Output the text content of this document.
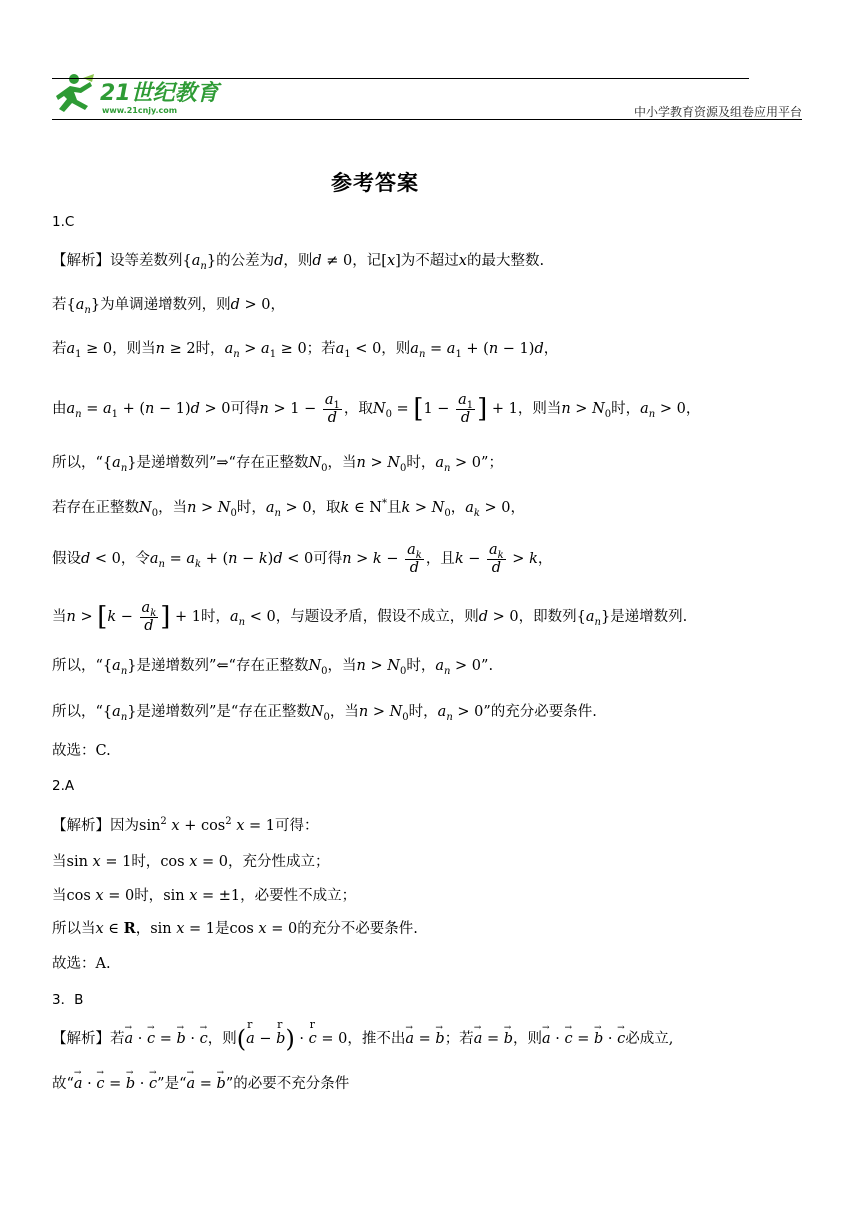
21世纪教育
www.21cnjy.com	中小学教育资源及组卷应用平台
参考答案
1.C
【解析】设等差数列$\{a_n\}$的公差为d，则d ≠ 0，记[x]为不超过x的最大整数.
若$\{a_n\}$为单调递增数列，则d > 0，
若$a_1 \ge 0$，则当n ≥ 2时，$a_n > a_1 \ge 0$；若$a_1 < 0$，则$a_n = a_1 + (n - 1)d$，
由$a_n = a_1 + (n - 1)d > 0$可得$n > 1 - \frac{a_1}{d}$ ，取$N_0 = [1 - \frac{a_1}{d}$ ] + 1，则当$n > N_0$时，$a_n > 0$，
所以，“$\{a_n\}$是递增数列”⇒“存在正整数$N_0$，当$n > N_0$时，$a_n > 0$”；
若存在正整数$N_0$，当$n > N_0$时，$a_n > 0$，取k ∈ N*且$k > N_0$，$a_k > 0$，
假设d < 0，令$a_n = a_k + (n - k)d < 0$可得$n > k - \frac{a_k}{d}$ ，且$k - \frac{a_k}{d} > k$，
当$n > [k - \frac{a_k}{d}$ ] + 1时，$a_n < 0$，与题设矛盾，假设不成立，则d > 0，即数列$\{a_n\}$是递增数列.
所以，“$\{a_n\}$是递增数列”⇐“存在正整数$N_0$，当$n > N_0$时，$a_n > 0$”.
所以，“$\{a_n\}$是递增数列”是“存在正整数$N_0$，当$n > N_0$时，$a_n > 0$”的充分必要条件.
故选：C.
2.A
【解析】因为$\sin^2 x + \cos^2 x = 1$可得：
当sin x = 1时，cos x = 0，充分性成立；
当cos x = 0时，sin x = ±1，必要性不成立；
所以当x ∈ R，sin x = 1是cos x = 0的充分不必要条件.
故选：A.
3．B
【解析】若→ a · → c = → b · → c，则(r a − r b) · r c = 0，推不出→ a = → b；若→ a = → b，则→ a · → c = → b · → c必成立,
故“→ a · → c = → b · → c”是“→ a = → b”的必要不充分条件
